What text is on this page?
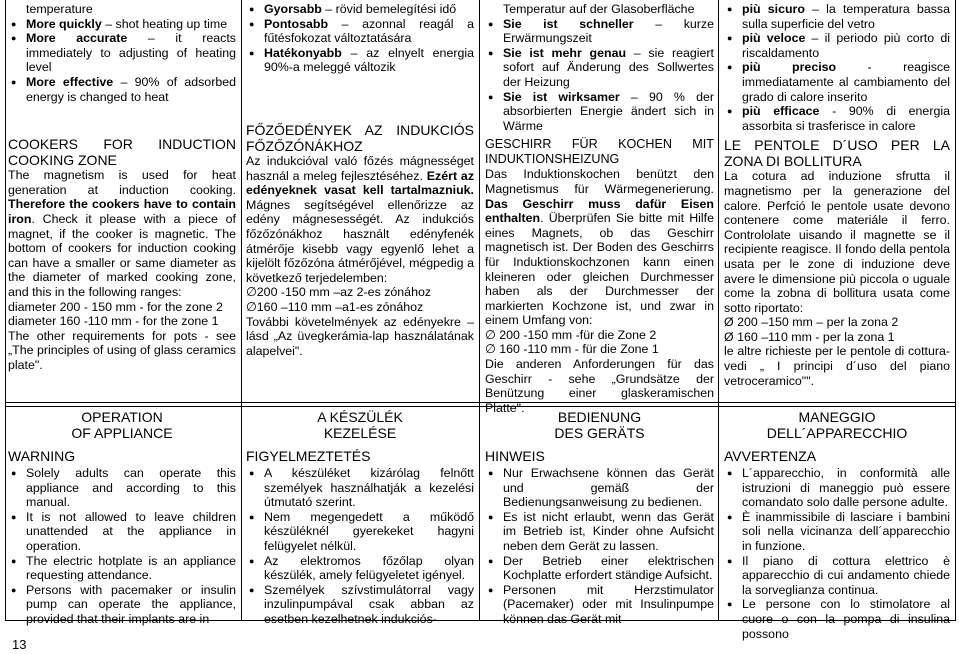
temperature
● More quickly – shot heating up time
● More accurate – it reacts immediately to adjusting of heating level
● More effective – 90% of adsorbed energy is changed to heat

COOKERS FOR INDUCTION COOKING ZONE

The magnetism is used for heat generation at induction cooking. Therefore the cookers have to contain iron. Check it please with a piece of magnet, if the cooker is magnetic. The bottom of cookers for induction cooking can have a smaller or same diameter as the diameter of marked cooking zone, and this in the following ranges:

diameter 200 - 150 mm - for the zone 2

diameter 160 -110 mm - for the zone 1

The other requirements for pots - see „The principles of using of glass ceramics plate".

● Gyorsabb – rövid bemelegítési idő
● Pontosabb – azonnal reagál a fűtésfokozat változtatására
● Hatékonyabb – az elnyelt energia 90%-a meleggé változik

FŐZŐEDÉNYEK AZ INDUKCIÓS FŐZŐZÓNÁKHOZ

Az indukcióval való főzés mágnességet használ a meleg fejlesztéséhez. Ezért az edényeknek vasat kell tartalmazniuk. Mágnes segítségével ellenőrizze az edény mágnesességét. Az indukciós főzőzónákhoz használt edényfenék átmérője kisebb vagy egyenlő lehet a kijelölt főzőzóna átmérőjével, mégpedig a következő terjedelemben:

∅200 -150 mm –az 2-es zónához

∅160 –110 mm –a1-es zónához

További követelmények az edényekre – lásd „Az üvegkerámia-lap használatának alapelvei".

Temperatur auf der Glasoberfläche
● Sie ist schneller – kurze Erwärmungszeit
● Sie ist mehr genau – sie reagiert sofort auf Änderung des Sollwertes der Heizung
● Sie ist wirksamer – 90 % der absorbierten Energie ändert sich in Wärme

GESCHIRR FÜR KOCHEN MIT INDUKTIONSHEIZUNG

Das Induktionskochen benützt den Magnetismus für Wärmegenerierung. Das Geschirr muss dafür Eisen enthalten. Überprüfen Sie bitte mit Hilfe eines Magnets, ob das Geschirr magnetisch ist. Der Boden des Geschirrs für Induktionskochzonen kann einen kleineren oder gleichen Durchmesser haben als der Durchmesser der markierten Kochzone ist, und zwar in einem Umfang von:

∅ 200 -150 mm -für die Zone 2

∅ 160 -110 mm - für die Zone 1

Die anderen Anforderungen für das Geschirr - sehe „Grundsätze der Benützung einer glaskeramischen Platte".

● più sicuro – la temperatura bassa sulla superficie del vetro
● più veloce – il periodo più corto di riscaldamento
● più preciso - reagisce immediatamente al cambiamento del grado di calore inserito
● più efficace - 90% di energia assorbita si trasferisce in calore

LE PENTOLE D´USO PER LA ZONA DI BOLLITURA

La cotura ad induzione sfrutta il magnetismo per la generazione del calore. Perfció le pentole usate devono contenere come materiále il ferro. Contrololate uisando il magnette se il recipiente reagisce. Il fondo della pentola usata per le zone di induzione deve avere le dimensione più piccola o uguale come la zobna di bollitura usata come sotto riportato:

Ø 200 –150 mm – per la zona 2

Ø 160 –110 mm - per la zona 1

le altre richieste per le pentole di cottura-vedi „ I principi d´uso del piano vetroceramico"".

OPERATION
OF APPLIANCE

WARNING

● Solely adults can operate this appliance and according to this manual.
● It is not allowed to leave children unattended at the appliance in operation.
● The electric hotplate is an appliance requesting attendance.
● Persons with pacemaker or insulin pump can operate the appliance, provided that their implants are in
A KÉSZÜLÉK
KEZELÉSE

FIGYELMEZTETÉS

● A készüléket kizárólag felnőtt személyek használhatják a kezelési útmutató szerint.
● Nem megengedett a működő készüléknél gyerekeket hagyni felügyelet nélkül.
● Az elektromos főzőlap olyan készülék, amely felügyeletet igényel.
● Személyek szívstimulátorral vagy inzulinpumpával csak abban az esetben kezelhetnek indukciós-
BEDIENUNG
DES GERÄTS

HINWEIS

● Nur Erwachsene können das Gerät und gemäß der Bedienungsanweisung zu bedienen.
● Es ist nicht erlaubt, wenn das Gerät im Betrieb ist, Kinder ohne Aufsicht neben dem Gerät zu lassen.
● Der Betrieb einer elektrischen Kochplatte erfordert ständige Aufsicht.
● Personen mit Herzstimulator (Pacemaker) oder mit Insulinpumpe können das Gerät mit
MANEGGIO
DELL´APPARECCHIO

AVVERTENZA

● L´apparecchio, in conformità alle istruzioni di maneggio può essere comandato solo dalle persone adulte.
● È inammissibile di lasciare i bambini soli nella vicinanza dell´apparecchio in funzione.
● Il piano di cottura elettrico è apparecchio di cui andamento chiede la sorveglianza continua.
● Le persone con lo stimolatore al cuore o con la pompa di insulina possono
13
